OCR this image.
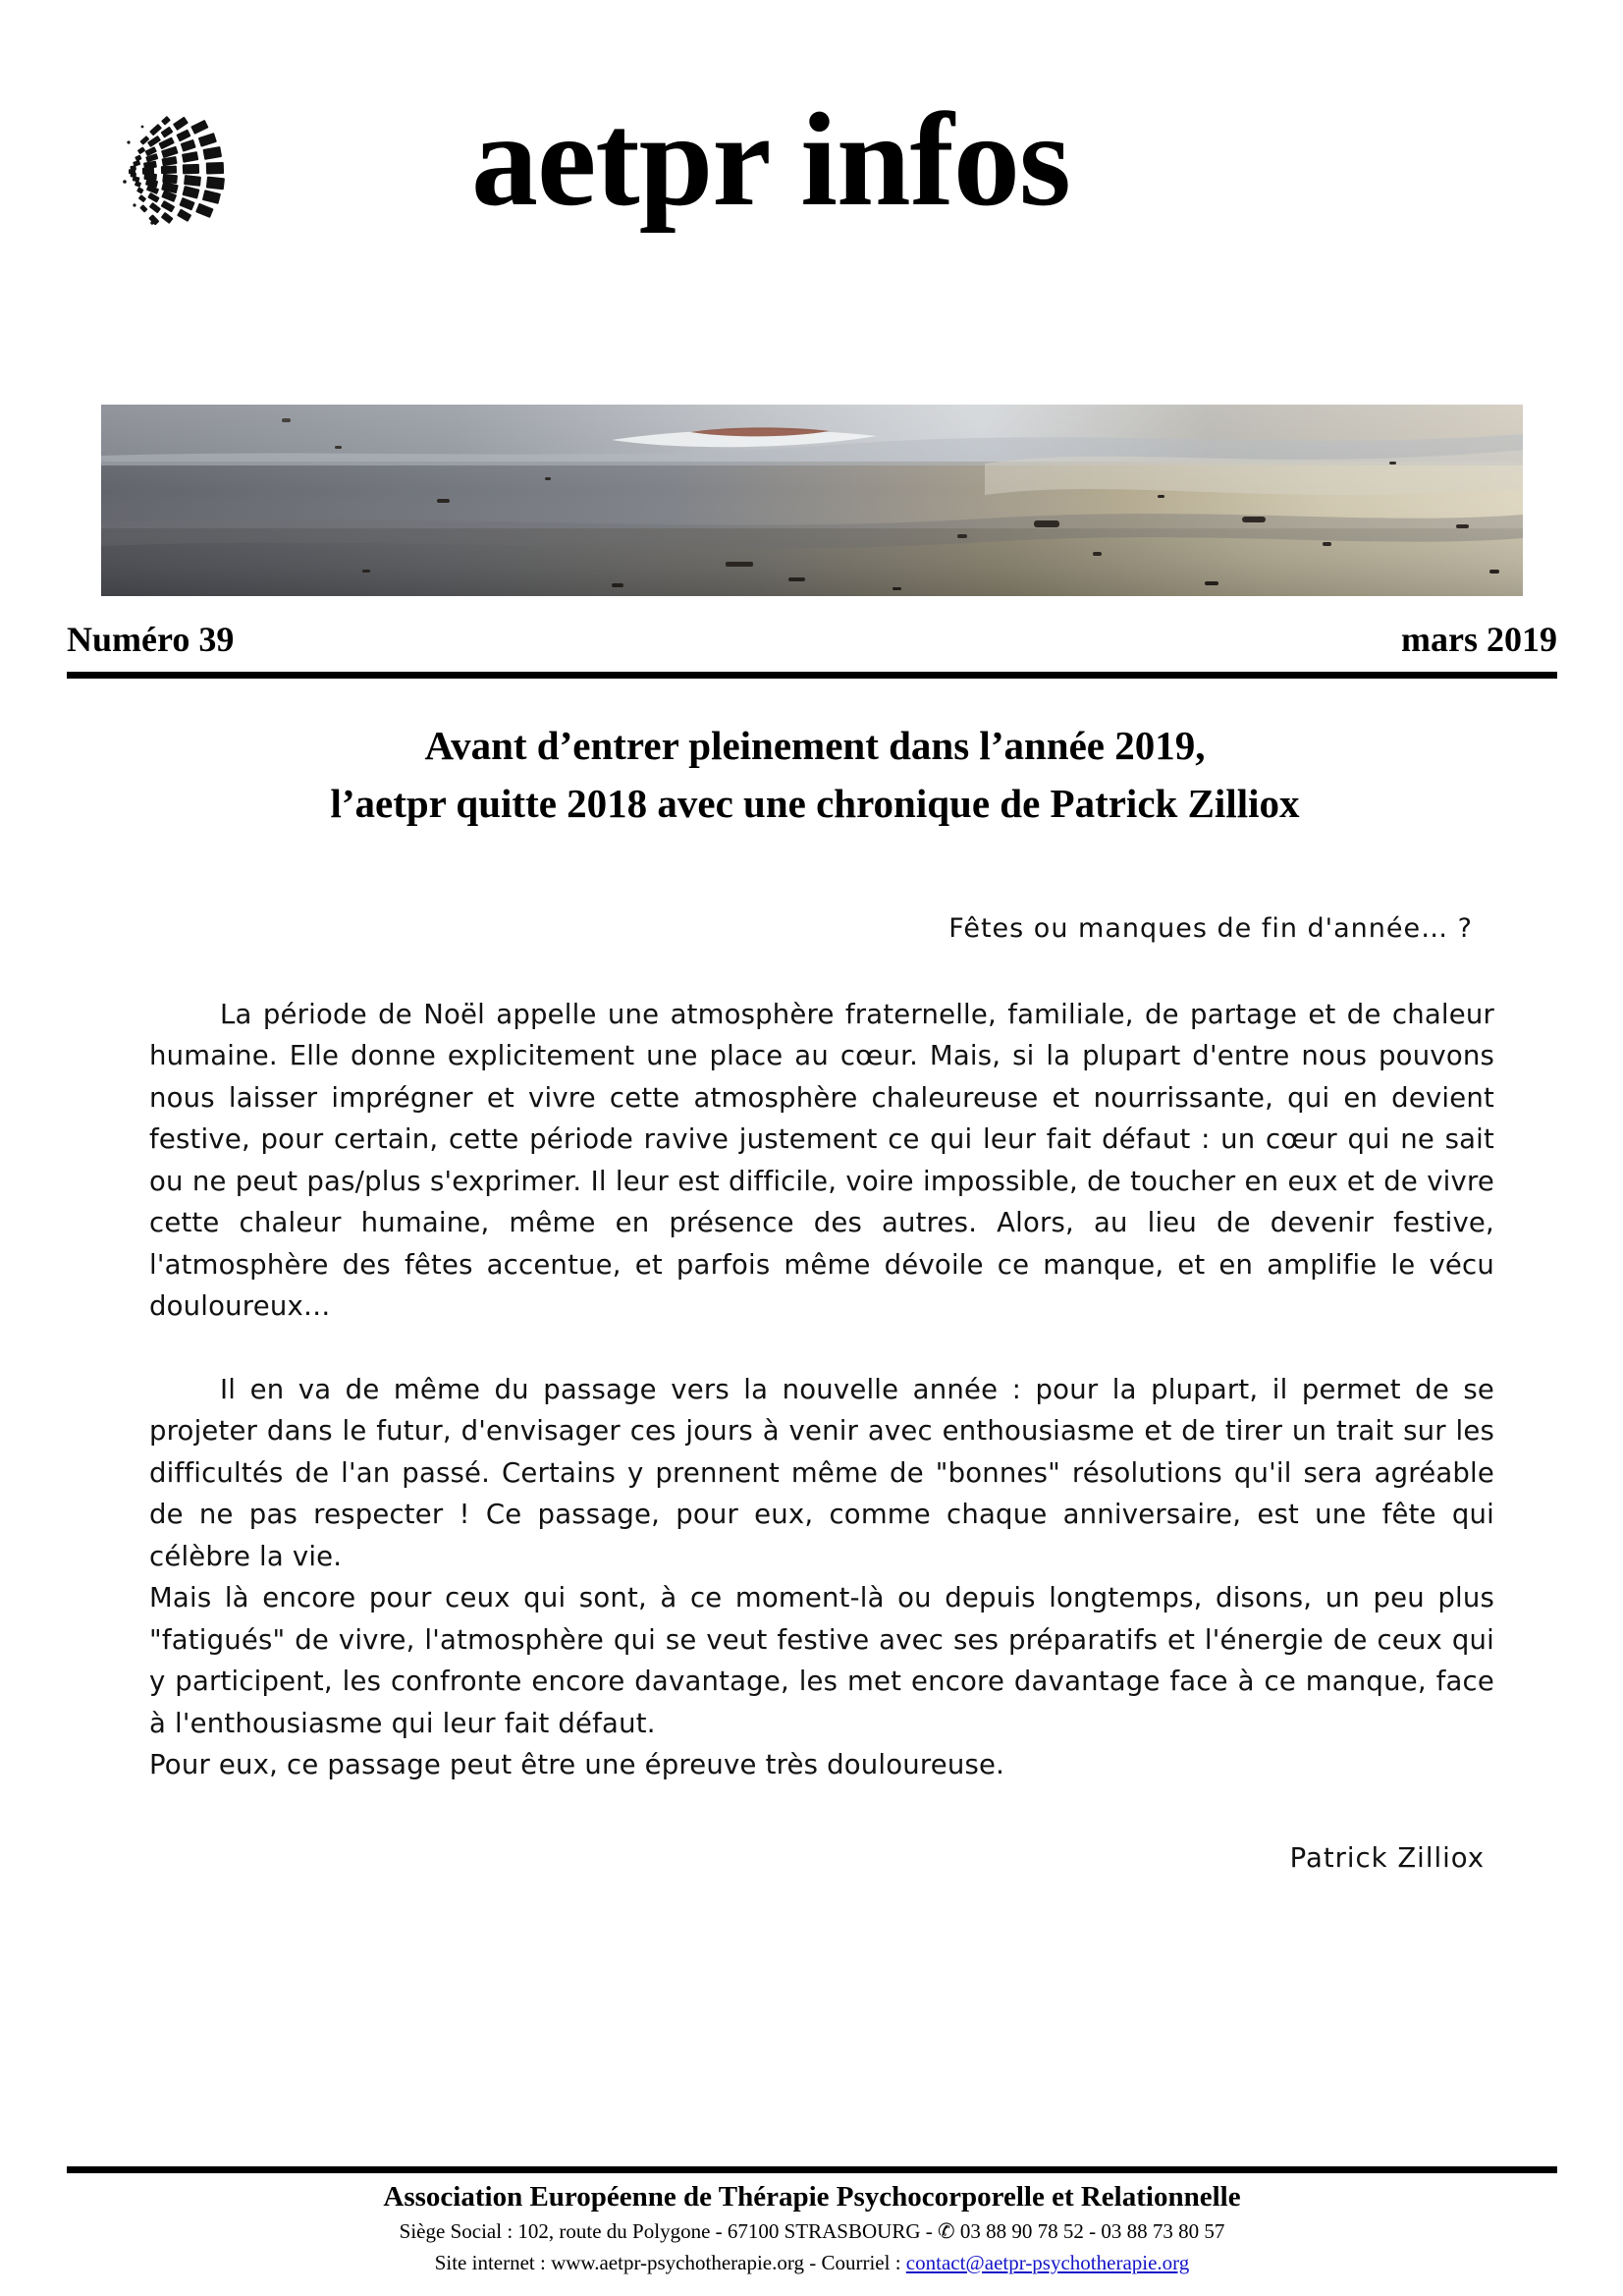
aetpr infos
Numéro 39	mars 2019
Avant d’entrer pleinement dans l’année 2019,
l’aetpr quitte 2018 avec une chronique de Patrick Zilliox
Fêtes ou manques de fin d'année… ?

La période de Noël appelle une atmosphère fraternelle, familiale, de partage et de chaleur humaine. Elle donne explicitement une place au cœur. Mais, si la plupart d'entre nous pouvons nous laisser imprégner et vivre cette atmosphère chaleureuse et nourrissante, qui en devient festive, pour certain, cette période ravive justement ce qui leur fait défaut : un cœur qui ne sait ou ne peut pas/plus s'exprimer. Il leur est difficile, voire impossible, de toucher en eux et de vivre cette chaleur humaine, même en présence des autres. Alors, au lieu de devenir festive, l'atmosphère des fêtes accentue, et parfois même dévoile ce manque, et en amplifie le vécu douloureux…

Il en va de même du passage vers la nouvelle année : pour la plupart, il permet de se projeter dans le futur, d'envisager ces jours à venir avec enthousiasme et de tirer un trait sur les difficultés de l'an passé. Certains y prennent même de "bonnes" résolutions qu'il sera agréable de ne pas respecter ! Ce passage, pour eux, comme chaque anniversaire, est une fête qui célèbre la vie.

Mais là encore pour ceux qui sont, à ce moment-là ou depuis longtemps, disons, un peu plus "fatigués" de vivre, l'atmosphère qui se veut festive avec ses préparatifs et l'énergie de ceux qui y participent, les confronte encore davantage, les met encore davantage face à ce manque, face à l'enthousiasme qui leur fait défaut.

Pour eux, ce passage peut être une épreuve très douloureuse.

Patrick Zilliox
Association Européenne de Thérapie Psychocorporelle et Relationnelle
Siège Social : 102, route du Polygone - 67100 STRASBOURG - ✆ 03 88 90 78 52 - 03 88 73 80 57
Site internet : www.aetpr-psychotherapie.org - Courriel : contact@aetpr-psychotherapie.org
